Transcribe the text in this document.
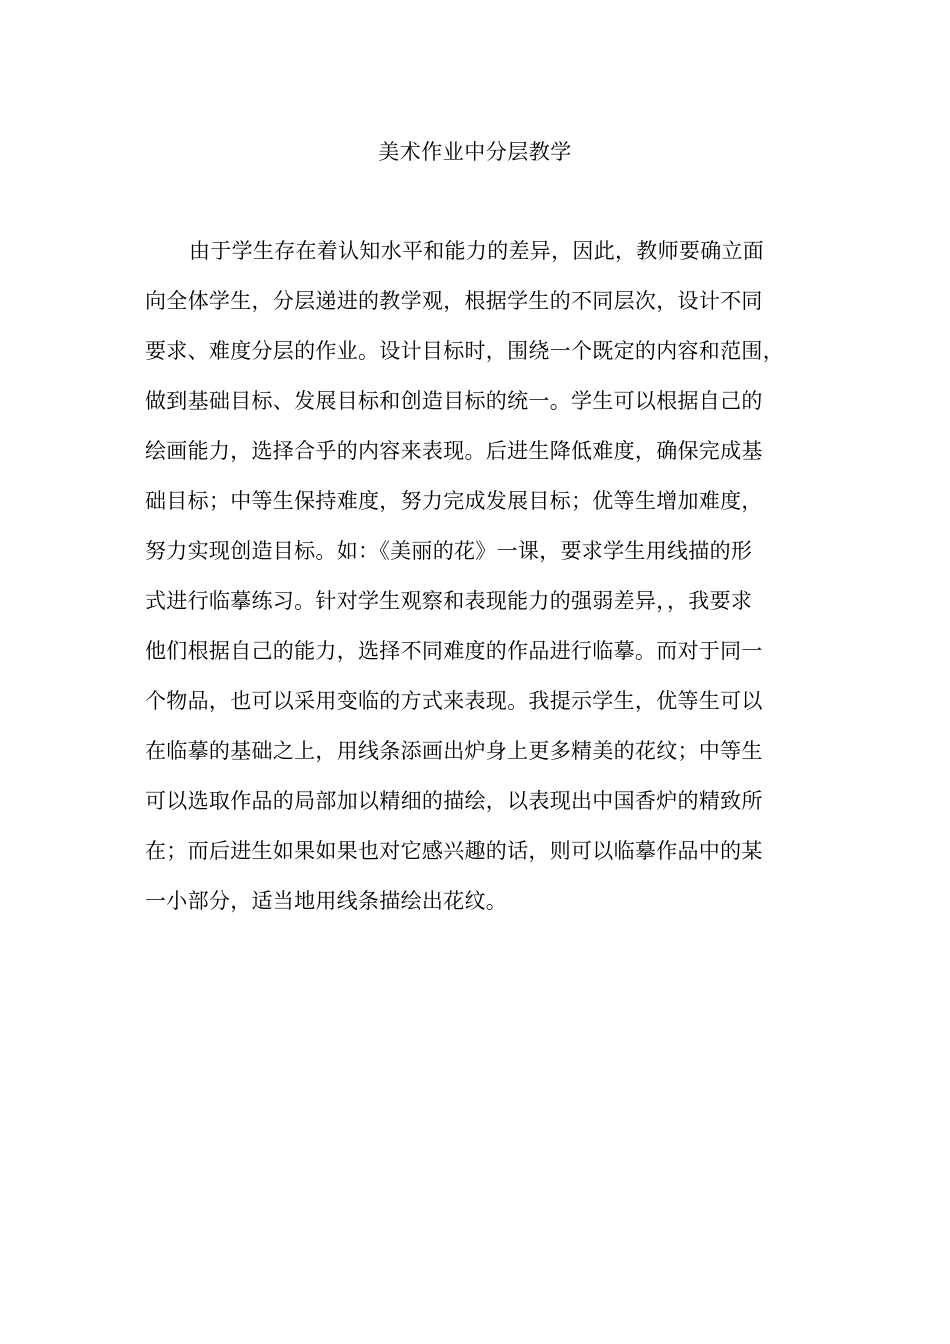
美术作业中分层教学
由于学生存在着认知水平和能力的差异，因此，教师要确立面
向全体学生，分层递进的教学观，根据学生的不同层次，设计不同
要求、难度分层的作业。设计目标时，围绕一个既定的内容和范围，
做到基础目标、发展目标和创造目标的统一。学生可以根据自己的
绘画能力，选择合乎的内容来表现。后进生降低难度，确保完成基
础目标；中等生保持难度，努力完成发展目标；优等生增加难度，
努力实现创造目标。如：《美丽的花》一课，要求学生用线描的形
式进行临摹练习。针对学生观察和表现能力的强弱差异，，我要求
他们根据自己的能力，选择不同难度的作品进行临摹。而对于同一
个物品，也可以采用变临的方式来表现。我提示学生，优等生可以
在临摹的基础之上，用线条添画出炉身上更多精美的花纹；中等生
可以选取作品的局部加以精细的描绘，以表现出中国香炉的精致所
在；而后进生如果如果也对它感兴趣的话，则可以临摹作品中的某
一小部分，适当地用线条描绘出花纹。
